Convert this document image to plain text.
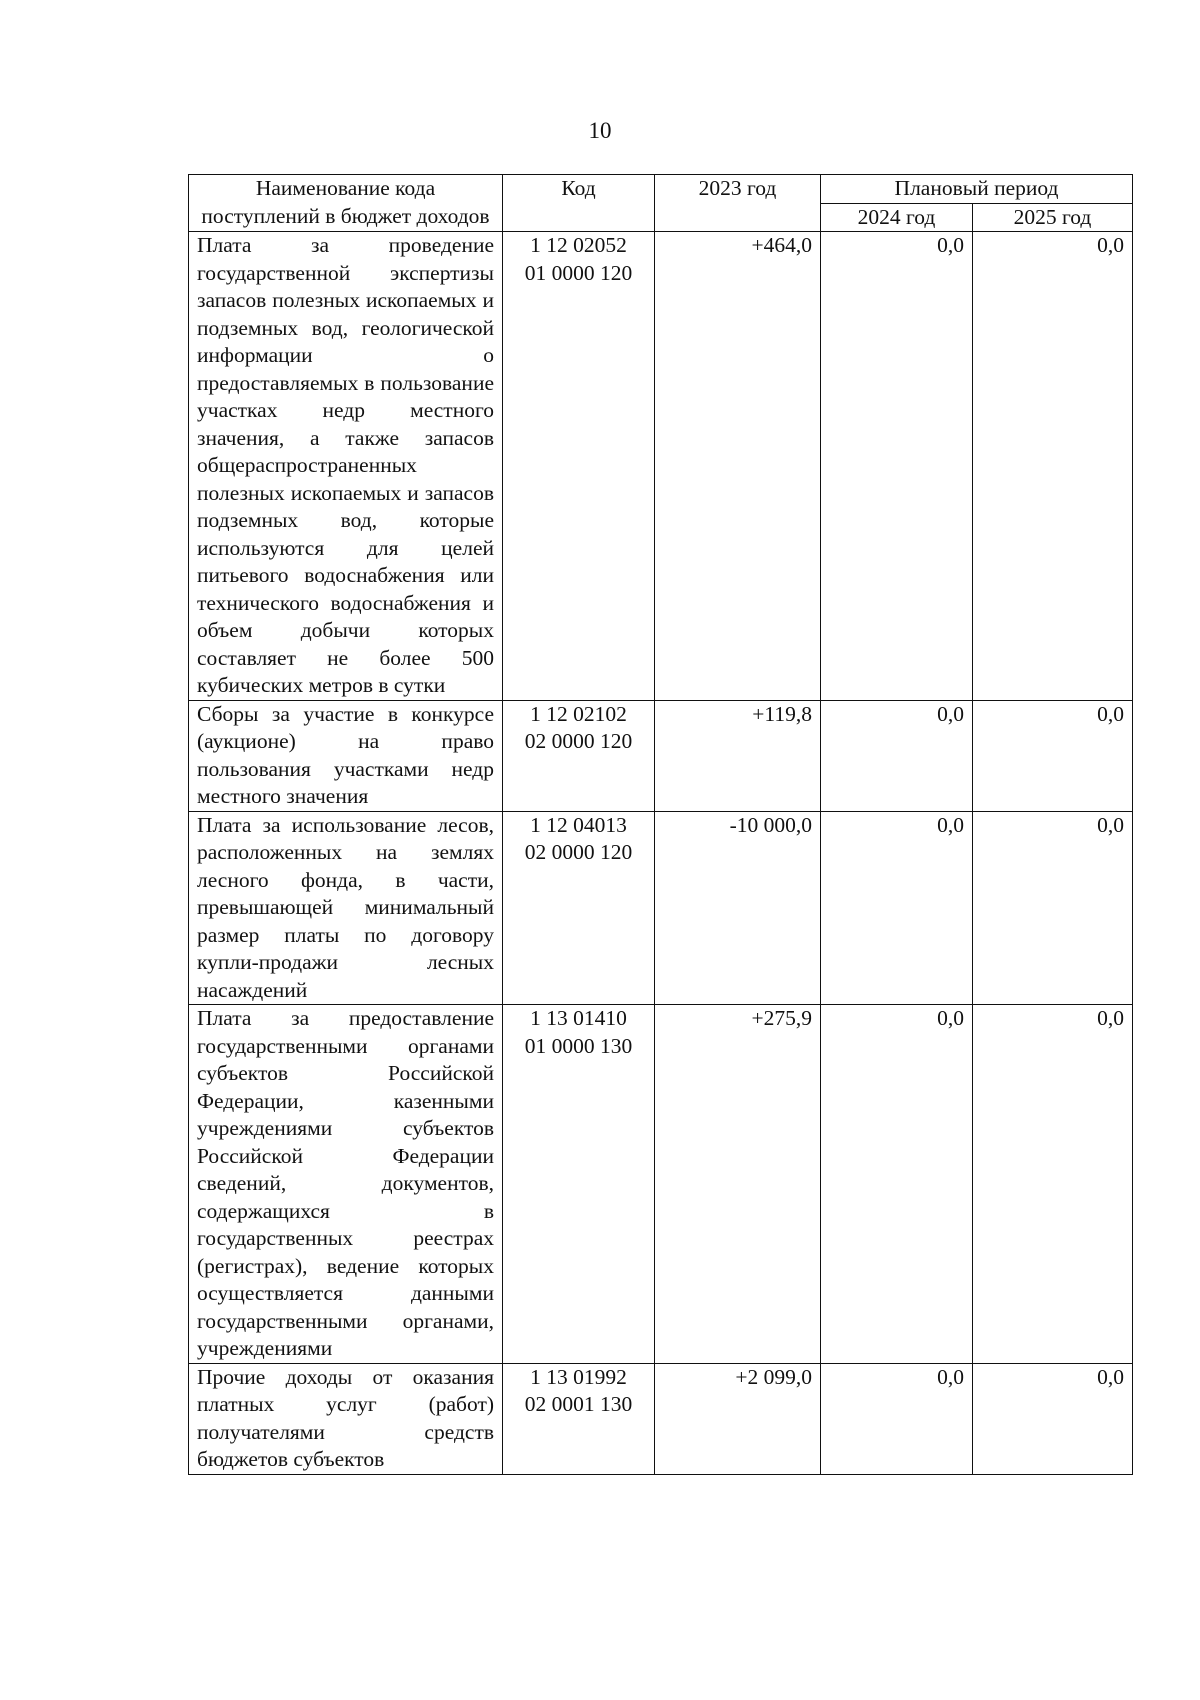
10
Наименование кода поступлений в бюджет доходов	Код	2023 год	Плановый период	
			2024 год	2025 год
Плата за проведение государственной экспертизы запасов полезных ископаемых и подземных вод, геологической информации о предоставляемых в пользование участках недр местного значения, а также запасов общераспространенных полезных ископаемых и запасов подземных вод, которые используются для целей питьевого водоснабжения или технического водоснабжения и объем добычи которых составляет не более 500 кубических метров в сутки	1 12 02052
01 0000 120	+464,0	0,0	0,0
Сборы за участие в конкурсе (аукционе) на право пользования участками недр местного значения	1 12 02102
02 0000 120	+119,8	0,0	0,0
Плата за использование лесов, расположенных на землях лесного фонда, в части, превышающей минимальный размер платы по договору купли-продажи лесных насаждений	1 12 04013
02 0000 120	-10 000,0	0,0	0,0
Плата за предоставление государственными органами субъектов Российской Федерации, казенными учреждениями субъектов Российской Федерации сведений, документов, содержащихся в государственных реестрах (регистрах), ведение которых осуществляется данными государственными органами, учреждениями	1 13 01410
01 0000 130	+275,9	0,0	0,0
Прочие доходы от оказания платных услуг (работ) получателями средств бюджетов субъектов	1 13 01992
02 0001 130	+2 099,0	0,0	0,0
